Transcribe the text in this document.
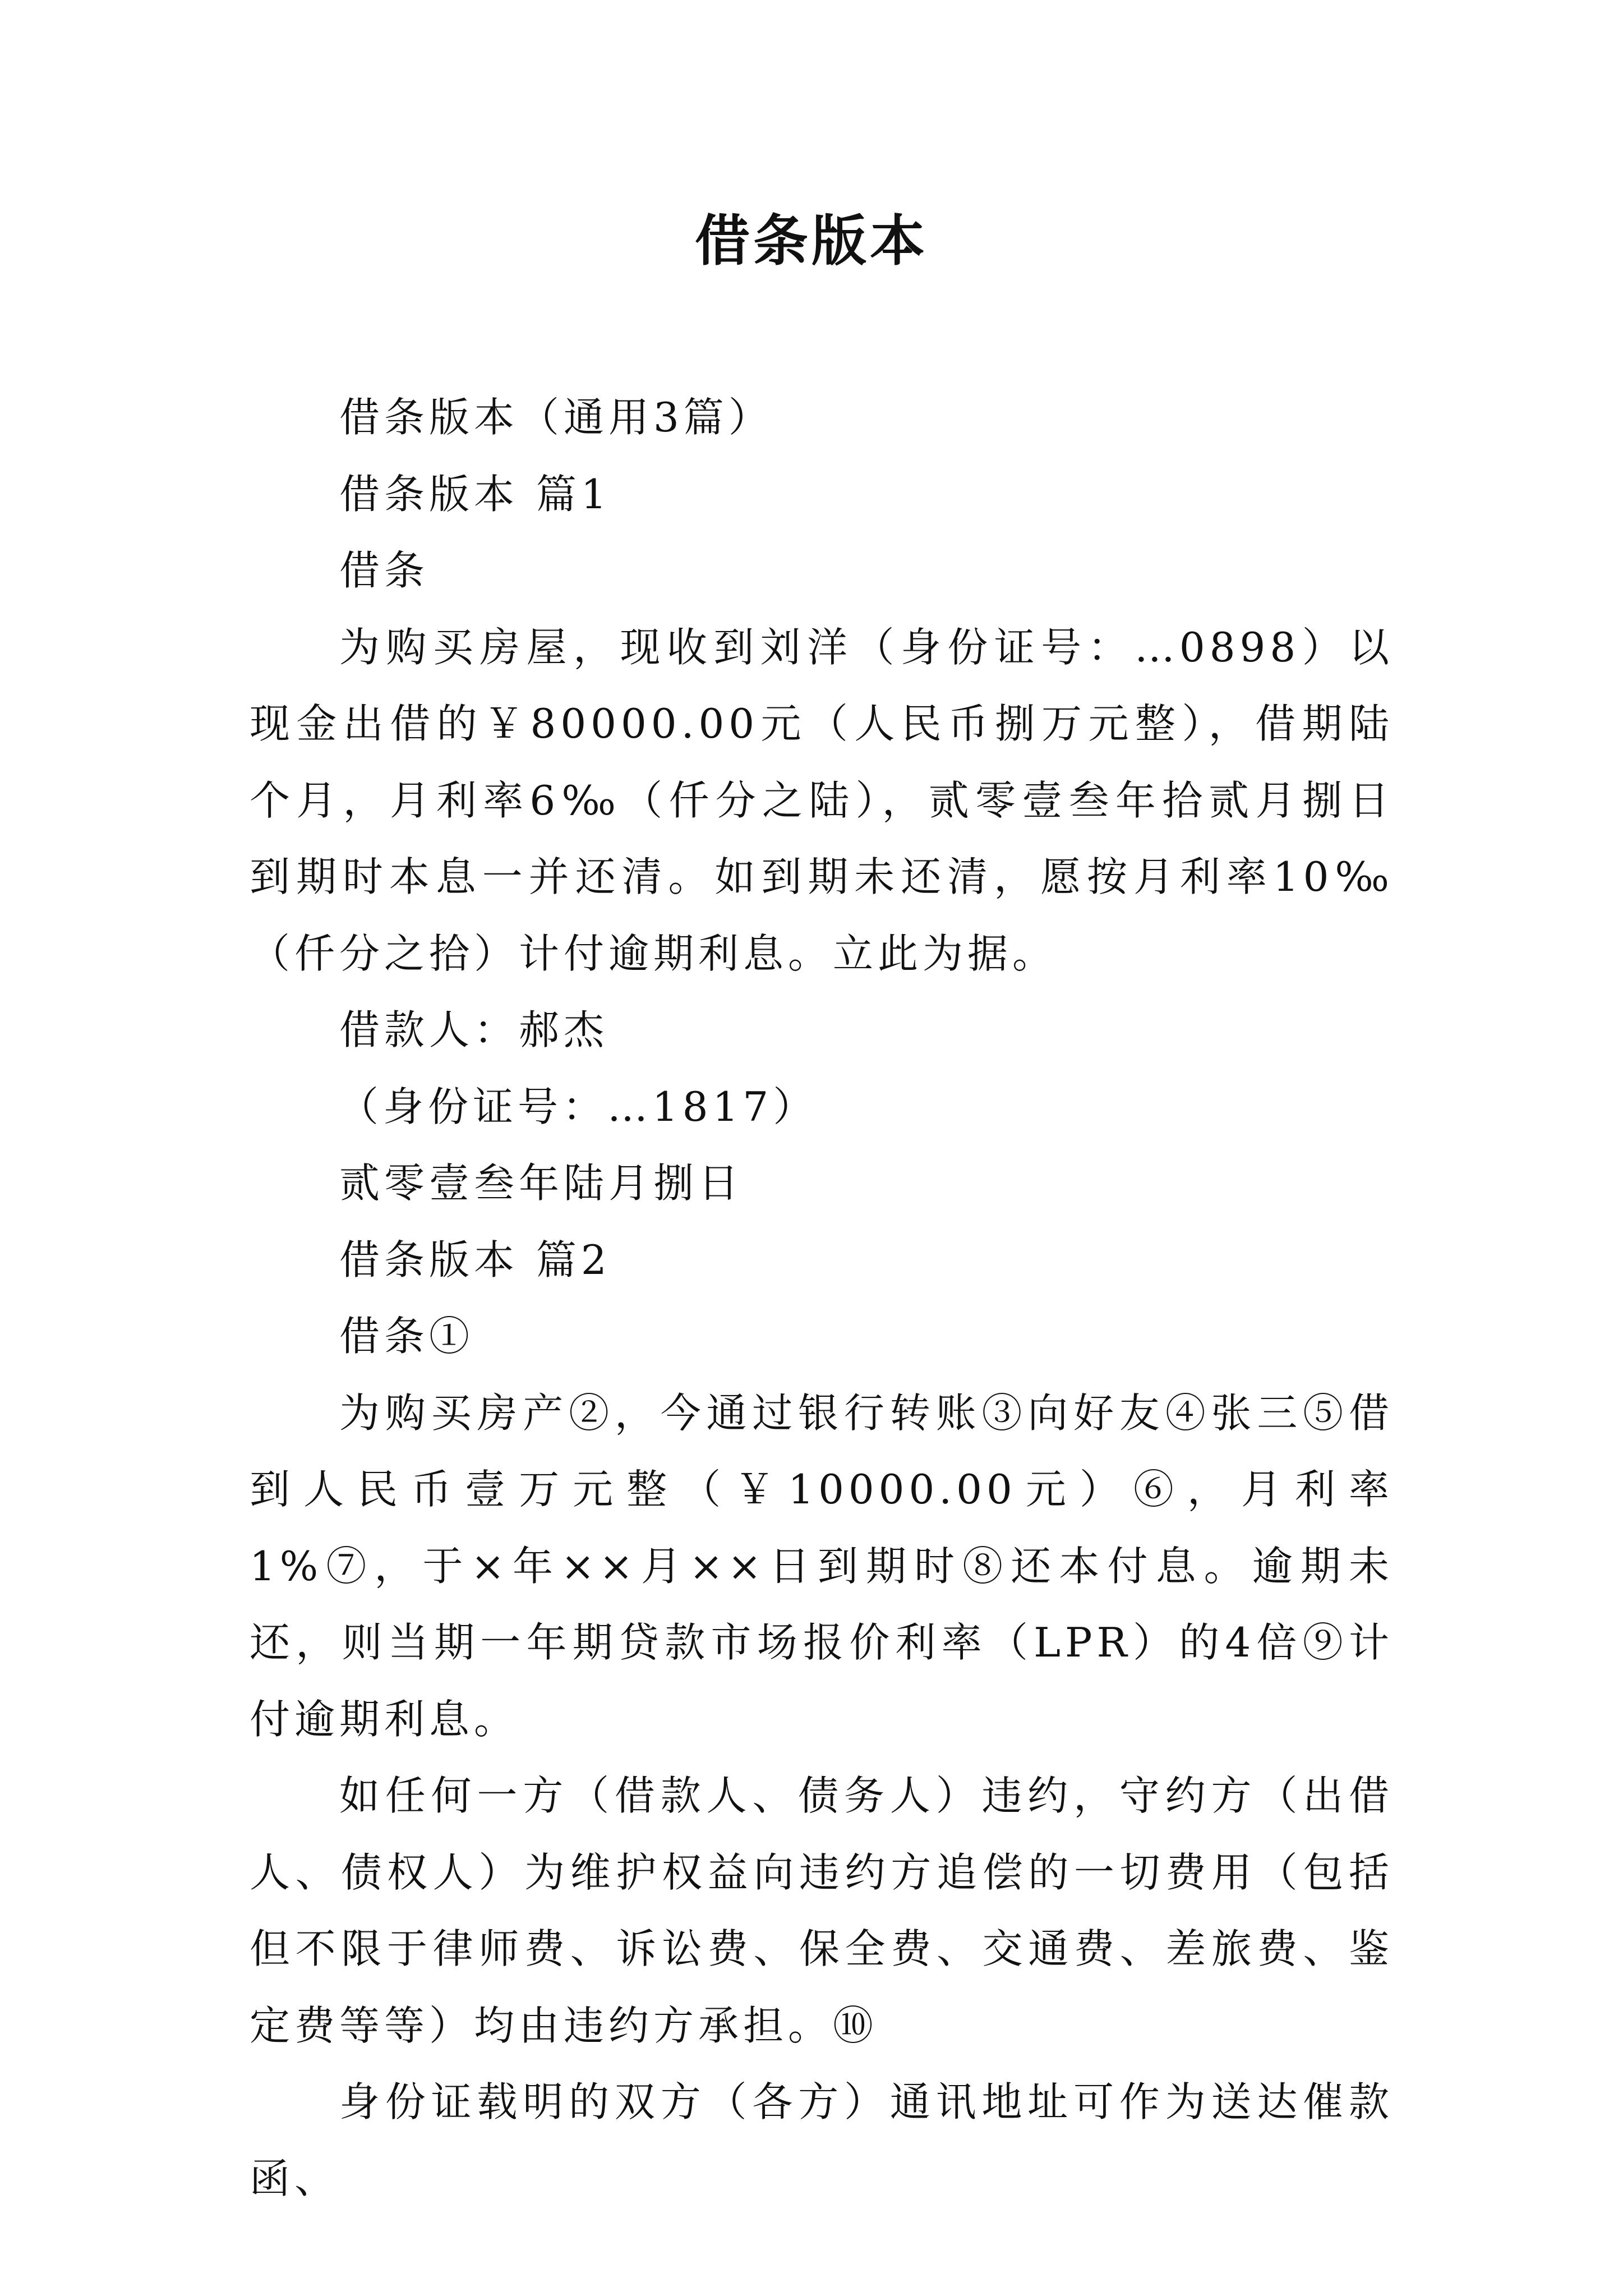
借条版本

借条版本（通用3篇）

借条版本 篇1

借条

为购买房屋，现收到刘洋（身份证号：…0898）以现金出借的￥80000.00元（人民币捌万元整），借期陆个月，月利率6‰（仟分之陆），贰零壹叁年拾贰月捌日到期时本息一并还清。如到期未还清，愿按月利率10‰（仟分之拾）计付逾期利息。立此为据。

借款人：郝杰

（身份证号：…1817）

贰零壹叁年陆月捌日

借条版本 篇2

借条①

为购买房产②，今通过银行转账③向好友④张三⑤借到人民币壹万元整（￥10000.00元）⑥，月利率1%⑦，于×年××月××日到期时⑧还本付息。逾期未还，则当期一年期贷款市场报价利率（LPR）的4倍⑨计付逾期利息。

如任何一方（借款人、债务人）违约，守约方（出借人、债权人）为维护权益向违约方追偿的一切费用（包括但不限于律师费、诉讼费、保全费、交通费、差旅费、鉴定费等等）均由违约方承担。⑩

身份证载明的双方（各方）通讯地址可作为送达催款函、
